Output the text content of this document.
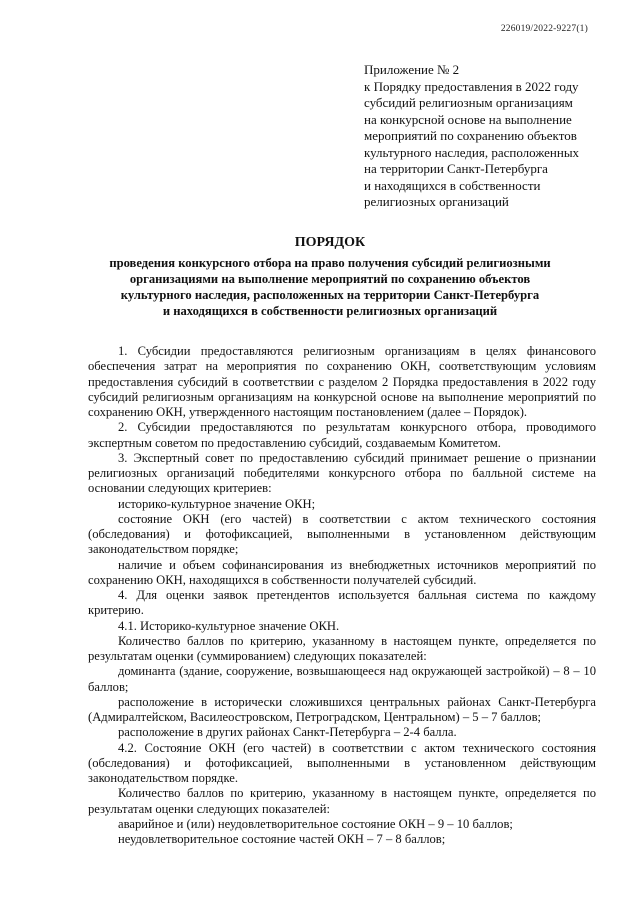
226019/2022-9227(1)
Приложение № 2
к Порядку предоставления в 2022 году
субсидий религиозным организациям
на конкурсной основе на выполнение
мероприятий по сохранению объектов
культурного наследия, расположенных
на территории Санкт-Петербурга
и находящихся в собственности
религиозных организаций
ПОРЯДОК
проведения конкурсного отбора на право получения субсидий религиозными
организациями на выполнение мероприятий по сохранению объектов
культурного наследия, расположенных на территории Санкт-Петербурга
и находящихся в собственности религиозных организаций

1. Субсидии предоставляются религиозным организациям в целях финансового обеспечения затрат на мероприятия по сохранению ОКН, соответствующим условиям предоставления субсидий в соответствии с разделом 2 Порядка предоставления в 2022 году субсидий религиозным организациям на конкурсной основе на выполнение мероприятий по сохранению ОКН, утвержденного настоящим постановлением (далее – Порядок).

2. Субсидии предоставляются по результатам конкурсного отбора, проводимого экспертным советом по предоставлению субсидий, создаваемым Комитетом.

3. Экспертный совет по предоставлению субсидий принимает решение о признании религиозных организаций победителями конкурсного отбора по балльной системе на основании следующих критериев:

историко-культурное значение ОКН;

состояние ОКН (его частей) в соответствии с актом технического состояния (обследования) и фотофиксацией, выполненными в установленном действующим законодательством порядке;

наличие и объем софинансирования из внебюджетных источников мероприятий по сохранению ОКН, находящихся в собственности получателей субсидий.

4. Для оценки заявок претендентов используется балльная система по каждому критерию.

4.1. Историко-культурное значение ОКН.

Количество баллов по критерию, указанному в настоящем пункте, определяется по результатам оценки (суммированием) следующих показателей:

доминанта (здание, сооружение, возвышающееся над окружающей застройкой) – 8 – 10 баллов;

расположение в исторически сложившихся центральных районах Санкт-Петербурга (Адмиралтейском, Василеостровском, Петроградском, Центральном) – 5 – 7 баллов;

расположение в других районах Санкт-Петербурга – 2-4 балла.

4.2. Состояние ОКН (его частей) в соответствии с актом технического состояния (обследования) и фотофиксацией, выполненными в установленном действующим законодательством порядке.

Количество баллов по критерию, указанному в настоящем пункте, определяется по результатам оценки следующих показателей:

аварийное и (или) неудовлетворительное состояние ОКН – 9 – 10 баллов;

неудовлетворительное состояние частей ОКН – 7 – 8 баллов;
